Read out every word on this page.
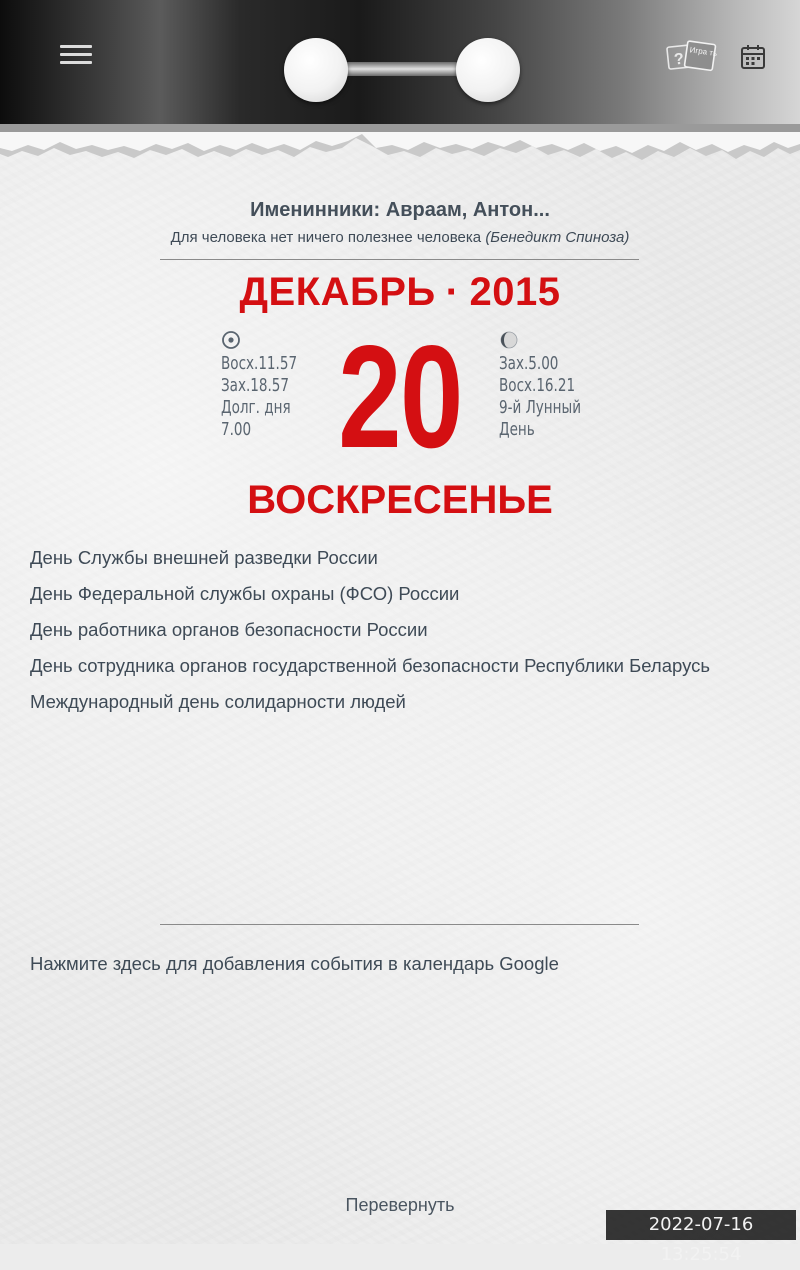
? Игра ть
Именинники: Авраам, Антон...
Для человека нет ничего полезнее человека (Бенедикт Спиноза)
ДЕКАБРЬ · 2015
Восх.11.57
Зах.18.57
Долг. дня
7.00 20 Зах.5.00
Восх.16.21
9-й Лунный
День
ВОСКРЕСЕНЬЕ
День Службы внешней разведки России
День Федеральной службы охраны (ФСО) России
День работника органов безопасности России
День сотрудника органов государственной безопасности Республики Беларусь
Международный день солидарности людей
Нажмите здесь для добавления события в календарь Google
Перевернуть
2022-07-16 13:25:54
